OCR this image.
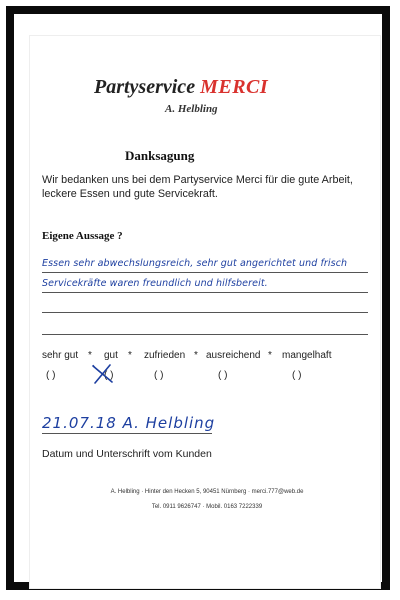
Partyservice MERCI
A. Helbling
Danksagung
Wir bedanken uns bei dem Partyservice Merci für die gute Arbeit, leckere Essen und gute Servicekraft.
Eigene Aussage ?
Essen sehr abwechslungsreich, sehr gut angerichtet und frisch
Servicekräfte waren freundlich und hilfsbereit.
sehr gut * gut * zufrieden * ausreichend * mangelhaft
( )	( )	( )	( )	( )
21.07.18 A. Helbling
Datum und Unterschrift vom Kunden
A. Helbling · Hinter den Hecken 5, 90451 Nürnberg · merci.777@web.de
Tel. 0911 9626747 · Mobil. 0163 7222339
